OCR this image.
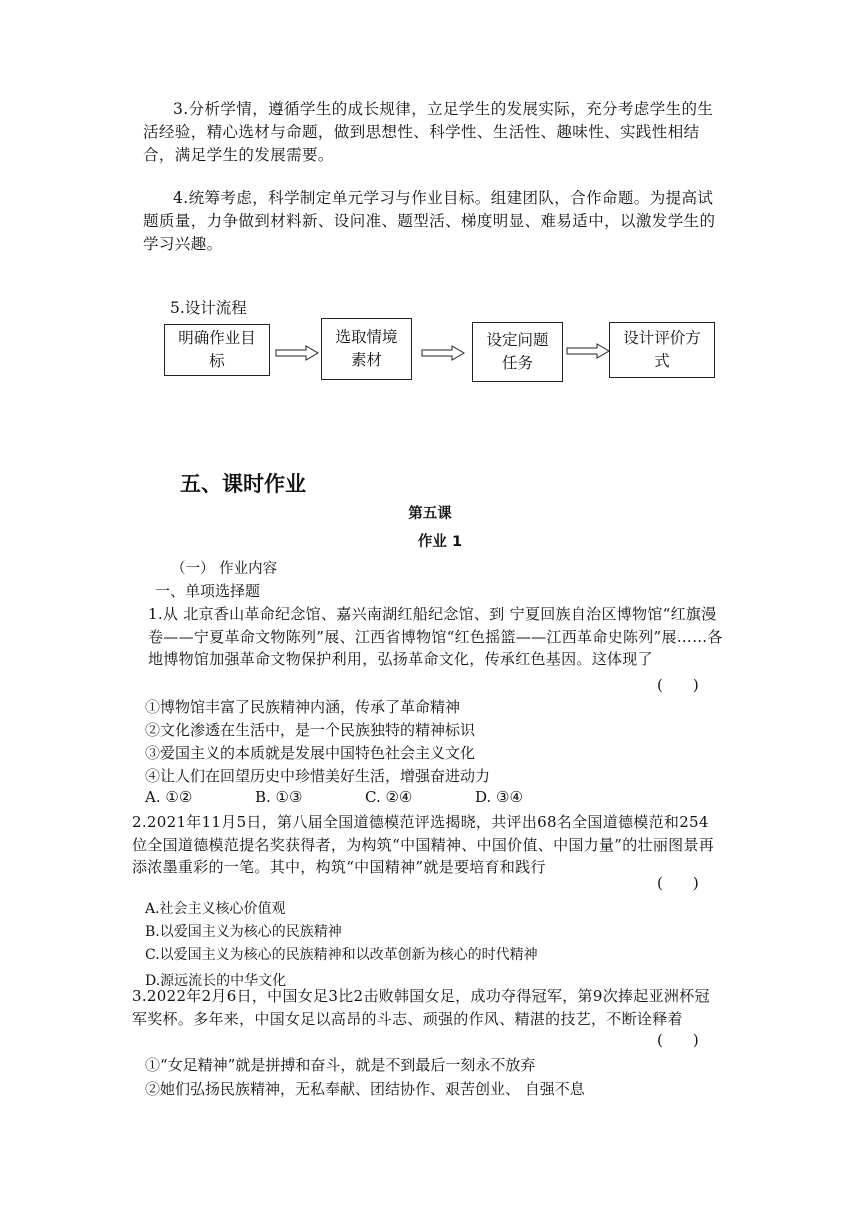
3.分析学情，遵循学生的成长规律，立足学生的发展实际，充分考虑学生的生活经验，精心选材与命题，做到思想性、科学性、生活性、趣味性、实践性相结合，满足学生的发展需要。
4.统筹考虑，科学制定单元学习与作业目标。组建团队，合作命题。为提高试题质量，力争做到材料新、设问准、题型活、梯度明显、难易适中，以激发学生的学习兴趣。
5.设计流程
明确作业目标
选取情境素材
设定问题任务
设计评价方式
五、课时作业
第五课
作业 1
（一） 作业内容
一、单项选择题
1.从 北京香山革命纪念馆、嘉兴南湖红船纪念馆、到 宁夏回族自治区博物馆“红旗漫卷——宁夏革命文物陈列”展、江西省博物馆“红色摇篮——江西革命史陈列”展……各地博物馆加强革命文物保护利用，弘扬革命文化，传承红色基因。这体现了
(　　)
①博物馆丰富了民族精神内涵，传承了革命精神
②文化渗透在生活中，是一个民族独特的精神标识
③爱国主义的本质就是发展中国特色社会主义文化
④让人们在回望历史中珍惜美好生活，增强奋进动力
A. ①②	B. ①③	C. ②④	D. ③④
2.2021年11月5日，第八届全国道德模范评选揭晓，共评出68名全国道德模范和254位全国道德模范提名奖获得者，为构筑“中国精神、中国价值、中国力量”的壮丽图景再添浓墨重彩的一笔。其中，构筑“中国精神”就是要培育和践行
(　　)
A.社会主义核心价值观
B.以爱国主义为核心的民族精神
C.以爱国主义为核心的民族精神和以改革创新为核心的时代精神
D.源远流长的中华文化
3.2022年2月6日，中国女足3比2击败韩国女足，成功夺得冠军，第9次捧起亚洲杯冠军奖杯。多年来，中国女足以高昂的斗志、顽强的作风、精湛的技艺，不断诠释着
(　　)
①“女足精神”就是拼搏和奋斗，就是不到最后一刻永不放弃
②她们弘扬民族精神，无私奉献、团结协作、艰苦创业、 自强不息
